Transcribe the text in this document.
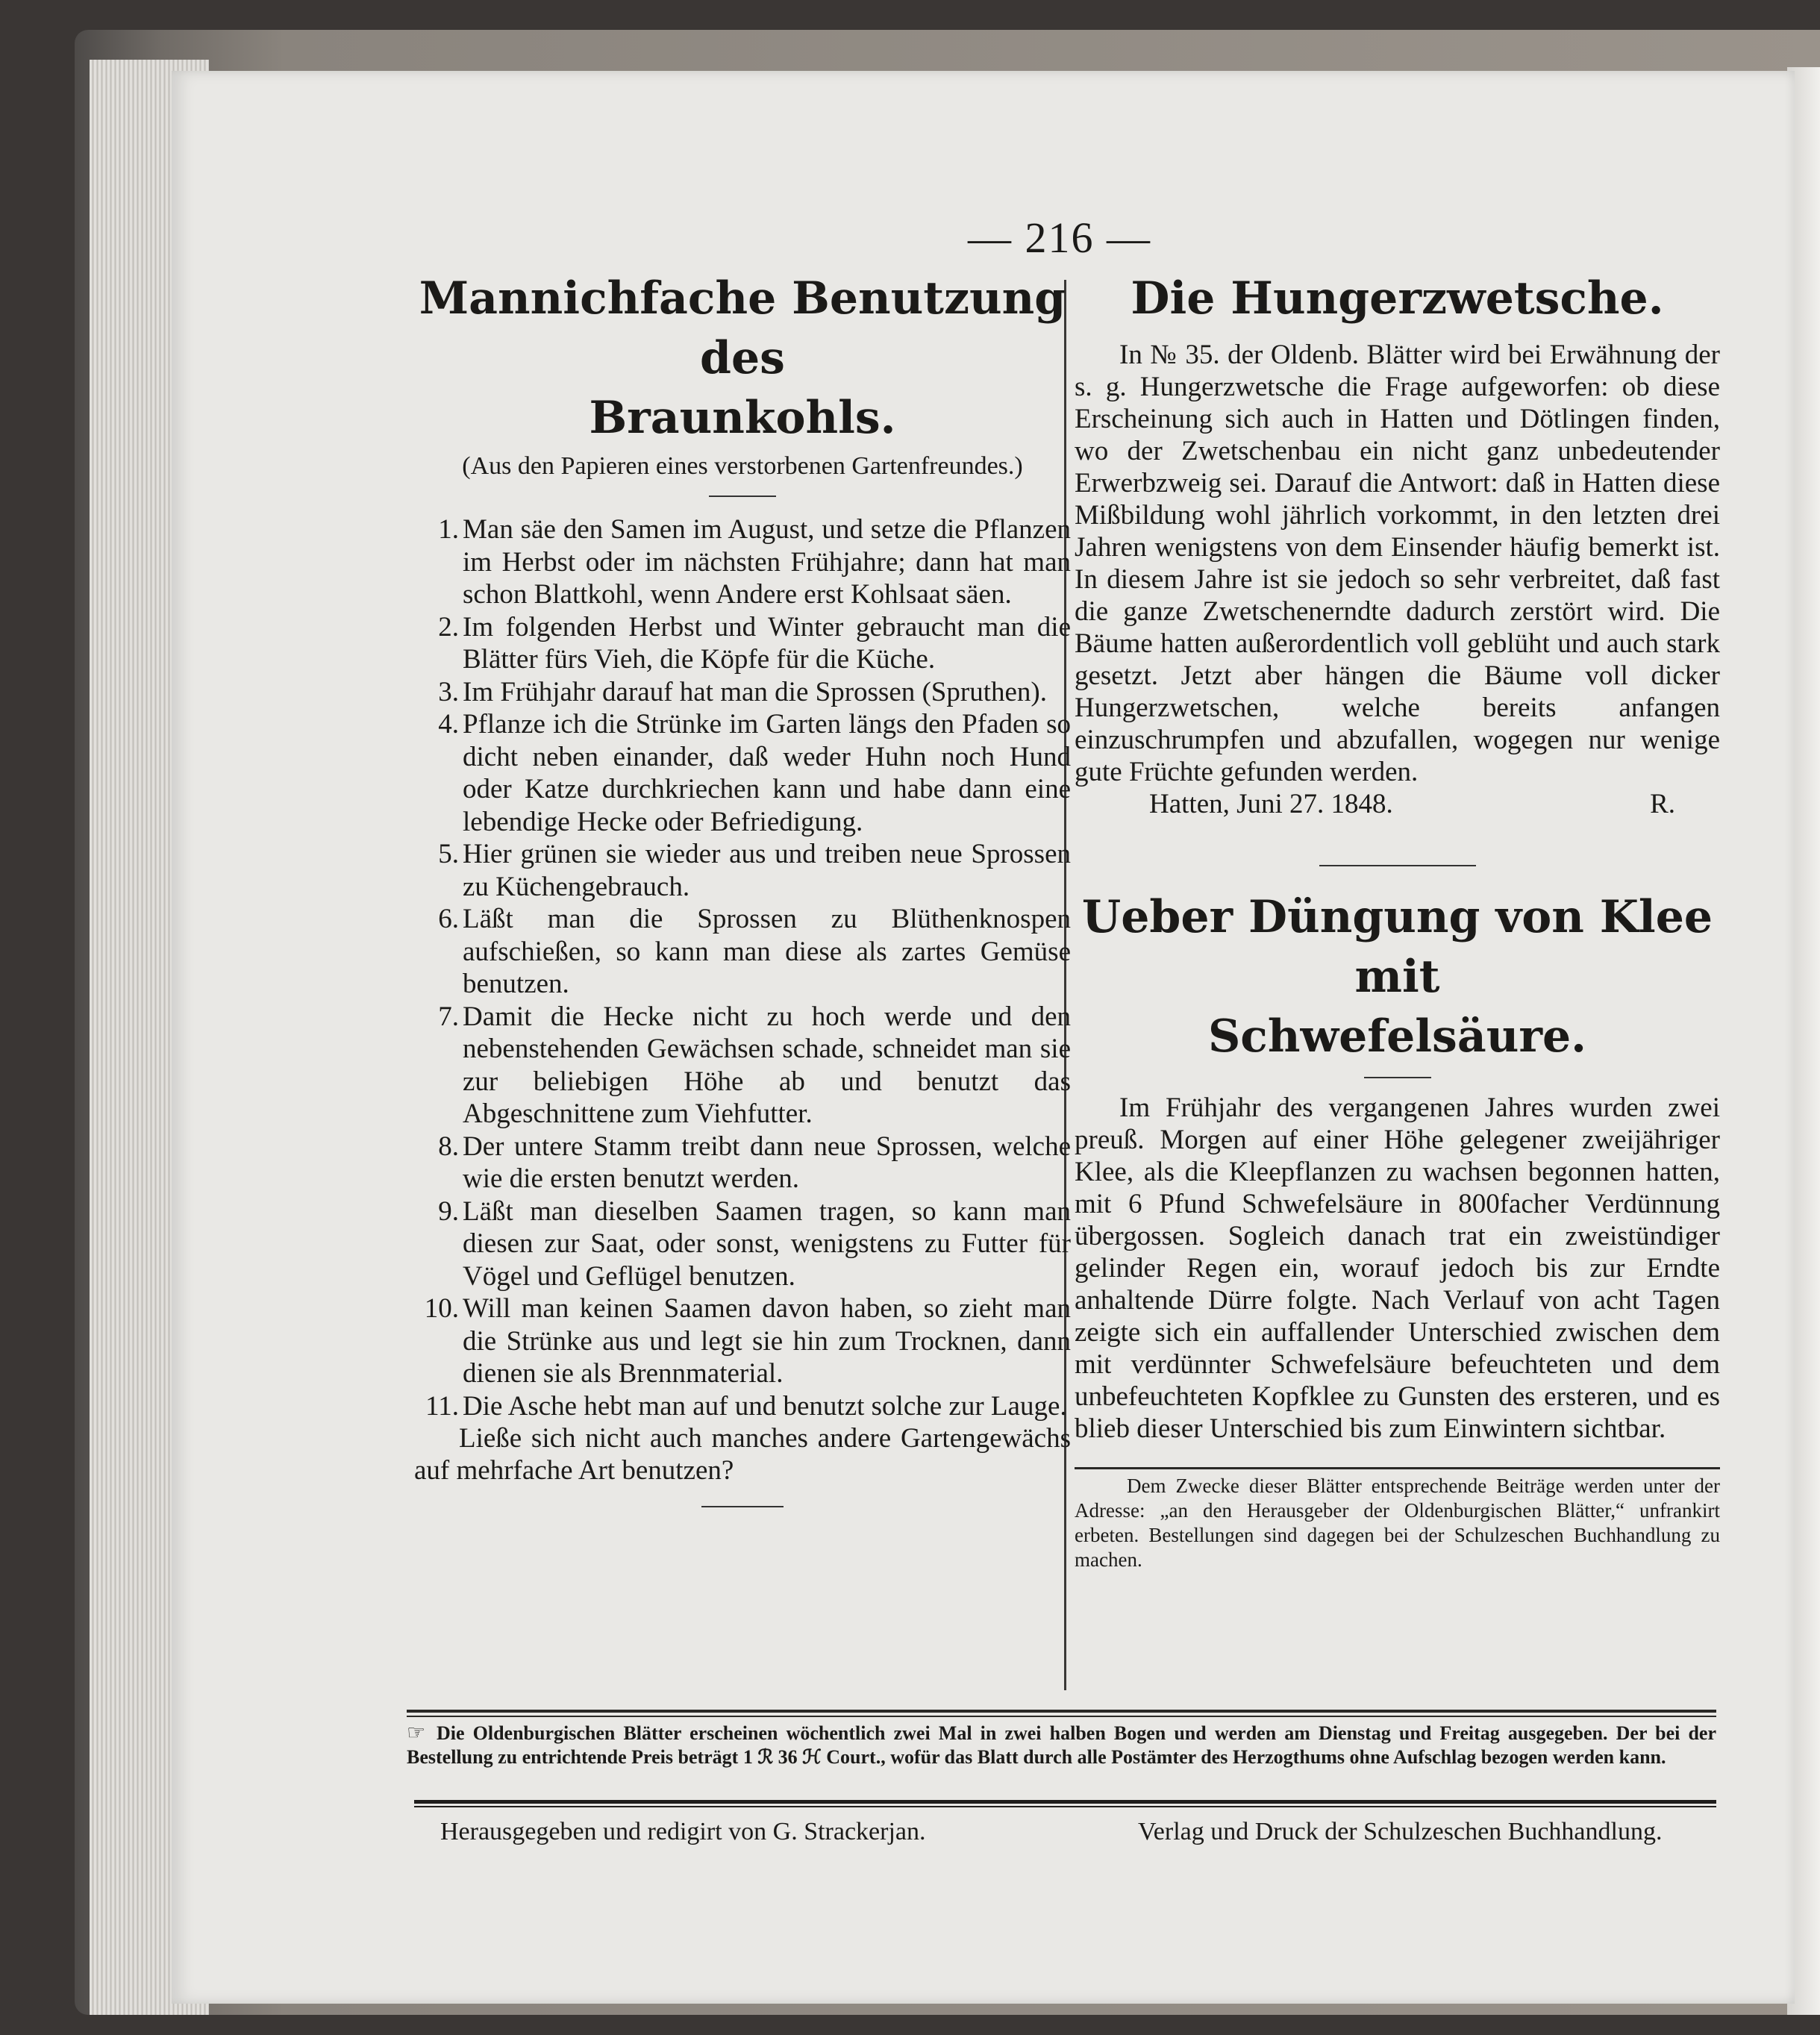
— 216 —
Mannichfache Benutzung des
Braunkohls.

(Aus den Papieren eines verstorbenen Gartenfreundes.)

1. Man säe den Samen im August, und setze die Pflanzen im Herbst oder im nächsten Frühjahre; dann hat man schon Blattkohl, wenn Andere erst Kohlsaat säen.
2. Im folgenden Herbst und Winter gebraucht man die Blätter fürs Vieh, die Köpfe für die Küche.
3. Im Frühjahr darauf hat man die Sprossen (Spruthen).
4. Pflanze ich die Strünke im Garten längs den Pfaden so dicht neben einander, daß weder Huhn noch Hund oder Katze durchkriechen kann und habe dann eine lebendige Hecke oder Befriedigung.
5. Hier grünen sie wieder aus und treiben neue Sprossen zu Küchengebrauch.
6. Läßt man die Sprossen zu Blüthenknospen aufschießen, so kann man diese als zartes Gemüse benutzen.
7. Damit die Hecke nicht zu hoch werde und den nebenstehenden Gewächsen schade, schneidet man sie zur beliebigen Höhe ab und benutzt das Abgeschnittene zum Viehfutter.
8. Der untere Stamm treibt dann neue Sprossen, welche wie die ersten benutzt werden.
9. Läßt man dieselben Saamen tragen, so kann man diesen zur Saat, oder sonst, wenigstens zu Futter für Vögel und Geflügel benutzen.
10. Will man keinen Saamen davon haben, so zieht man die Strünke aus und legt sie hin zum Trocknen, dann dienen sie als Brennmaterial.
11. Die Asche hebt man auf und benutzt solche zur Lauge.

Ließe sich nicht auch manches andere Gartengewächs auf mehrfache Art benutzen?

Die Hungerzwetsche.

In № 35. der Oldenb. Blätter wird bei Erwähnung der s. g. Hungerzwetsche die Frage aufgeworfen: ob diese Erscheinung sich auch in Hatten und Dötlingen finden, wo der Zwetschenbau ein nicht ganz unbedeutender Erwerbzweig sei. Darauf die Antwort: daß in Hatten diese Mißbildung wohl jährlich vorkommt, in den letzten drei Jahren wenigstens von dem Einsender häufig bemerkt ist. In diesem Jahre ist sie jedoch so sehr verbreitet, daß fast die ganze Zwetschenerndte dadurch zerstört wird. Die Bäume hatten außerordentlich voll geblüht und auch stark gesetzt. Jetzt aber hängen die Bäume voll dicker Hungerzwetschen, welche bereits anfangen einzuschrumpfen und abzufallen, wogegen nur wenige gute Früchte gefunden werden.

Hatten, Juni 27. 1848.	R.
Ueber Düngung von Klee mit
Schwefelsäure.

Im Frühjahr des vergangenen Jahres wurden zwei preuß. Morgen auf einer Höhe gelegener zweijähriger Klee, als die Kleepflanzen zu wachsen begonnen hatten, mit 6 Pfund Schwefelsäure in 800facher Verdünnung übergossen. Sogleich danach trat ein zweistündiger gelinder Regen ein, worauf jedoch bis zur Erndte anhaltende Dürre folgte. Nach Verlauf von acht Tagen zeigte sich ein auffallender Unterschied zwischen dem mit verdünnter Schwefelsäure befeuchteten und dem unbefeuchteten Kopfklee zu Gunsten des ersteren, und es blieb dieser Unterschied bis zum Einwintern sichtbar.

Dem Zwecke dieser Blätter entsprechende Beiträge werden unter der Adresse: „an den Herausgeber der Oldenburgischen Blätter,“ unfrankirt erbeten. Bestellungen sind dagegen bei der Schulzeschen Buchhandlung zu machen.

☞ Die Oldenburgischen Blätter erscheinen wöchentlich zwei Mal in zwei halben Bogen und werden am Dienstag und Freitag ausgegeben. Der bei der Bestellung zu entrichtende Preis beträgt 1 ℛ 36 ℋ Court., wofür das Blatt durch alle Postämter des Herzogthums ohne Aufschlag bezogen werden kann.
Herausgegeben und redigirt von G. Strackerjan.	Verlag und Druck der Schulzeschen Buchhandlung.
